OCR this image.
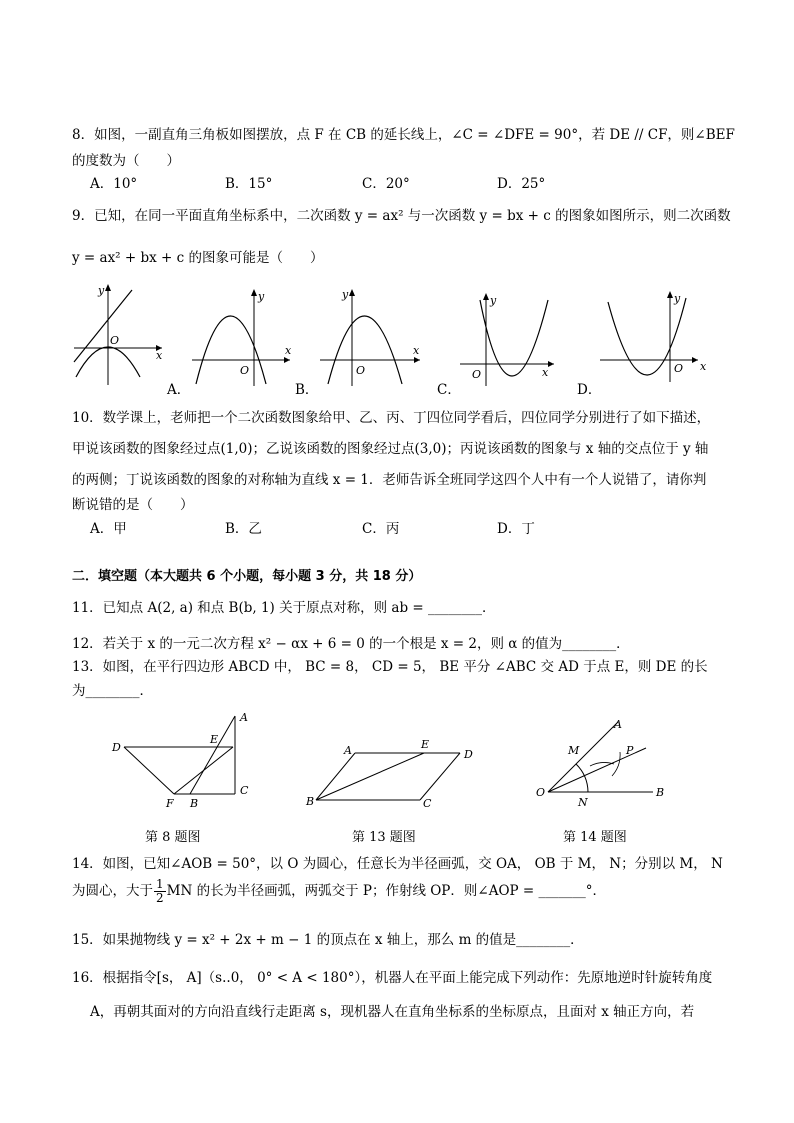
8．如图，一副直角三角板如图摆放，点 F 在 CB 的延长线上，∠C = ∠DFE = 90°，若 DE // CF，则∠BEF
的度数为（　　）
A．10°	B．15°	C．20°	D．25°
9．已知，在同一平面直角坐标系中，二次函数 y = ax² 与一次函数 y = bx + c 的图象如图所示，则二次函数
y = ax² + bx + c 的图象可能是（　　）
x
y
O
x
y
O
A．
x
y
O
B．
x
y
O
C．
x
y
O
D．
10．数学课上，老师把一个二次函数图象给甲、乙、丙、丁四位同学看后，四位同学分别进行了如下描述，
甲说该函数的图象经过点(1,0)；乙说该函数的图象经过点(3,0)；丙说该函数的图象与 x 轴的交点位于 y 轴
的两侧；丁说该函数的图象的对称轴为直线 x = 1．老师告诉全班同学这四个人中有一个人说错了，请你判
断说错的是（　　）
A．甲	B．乙	C．丙	D．丁
二．填空题（本大题共 6 个小题，每小题 3 分，共 18 分）
11．已知点 A(2, a) 和点 B(b, 1) 关于原点对称，则 ab = ________．
12．若关于 x 的一元二次方程 x² − αx + 6 = 0 的一个根是 x = 2，则 α 的值为________．
13．如图，在平行四边形 ABCD 中， BC = 8， CD = 5， BE 平分 ∠ABC 交 AD 于点 E，则 DE 的长
为________．
A
D
E
C
F B
第 8 题图
A	E
D
B	C
第 13 题图
O
A
M	P
N
B
第 14 题图
14．如图，已知∠AOB = 50°，以 O 为圆心，任意长为半径画弧，交 OA， OB 于 M， N；分别以 M， N
为圆心，大于 $\frac{1}{2}$ MN 的长为半径画弧，两弧交于 P；作射线 OP．则∠AOP = _______°．
15．如果抛物线 y = x² + 2x + m − 1 的顶点在 x 轴上，那么 m 的值是________．
16．根据指令[s， A]（s..0， 0° < A < 180°），机器人在平面上能完成下列动作：先原地逆时针旋转角度
A，再朝其面对的方向沿直线行走距离 s，现机器人在直角坐标系的坐标原点，且面对 x 轴正方向，若
